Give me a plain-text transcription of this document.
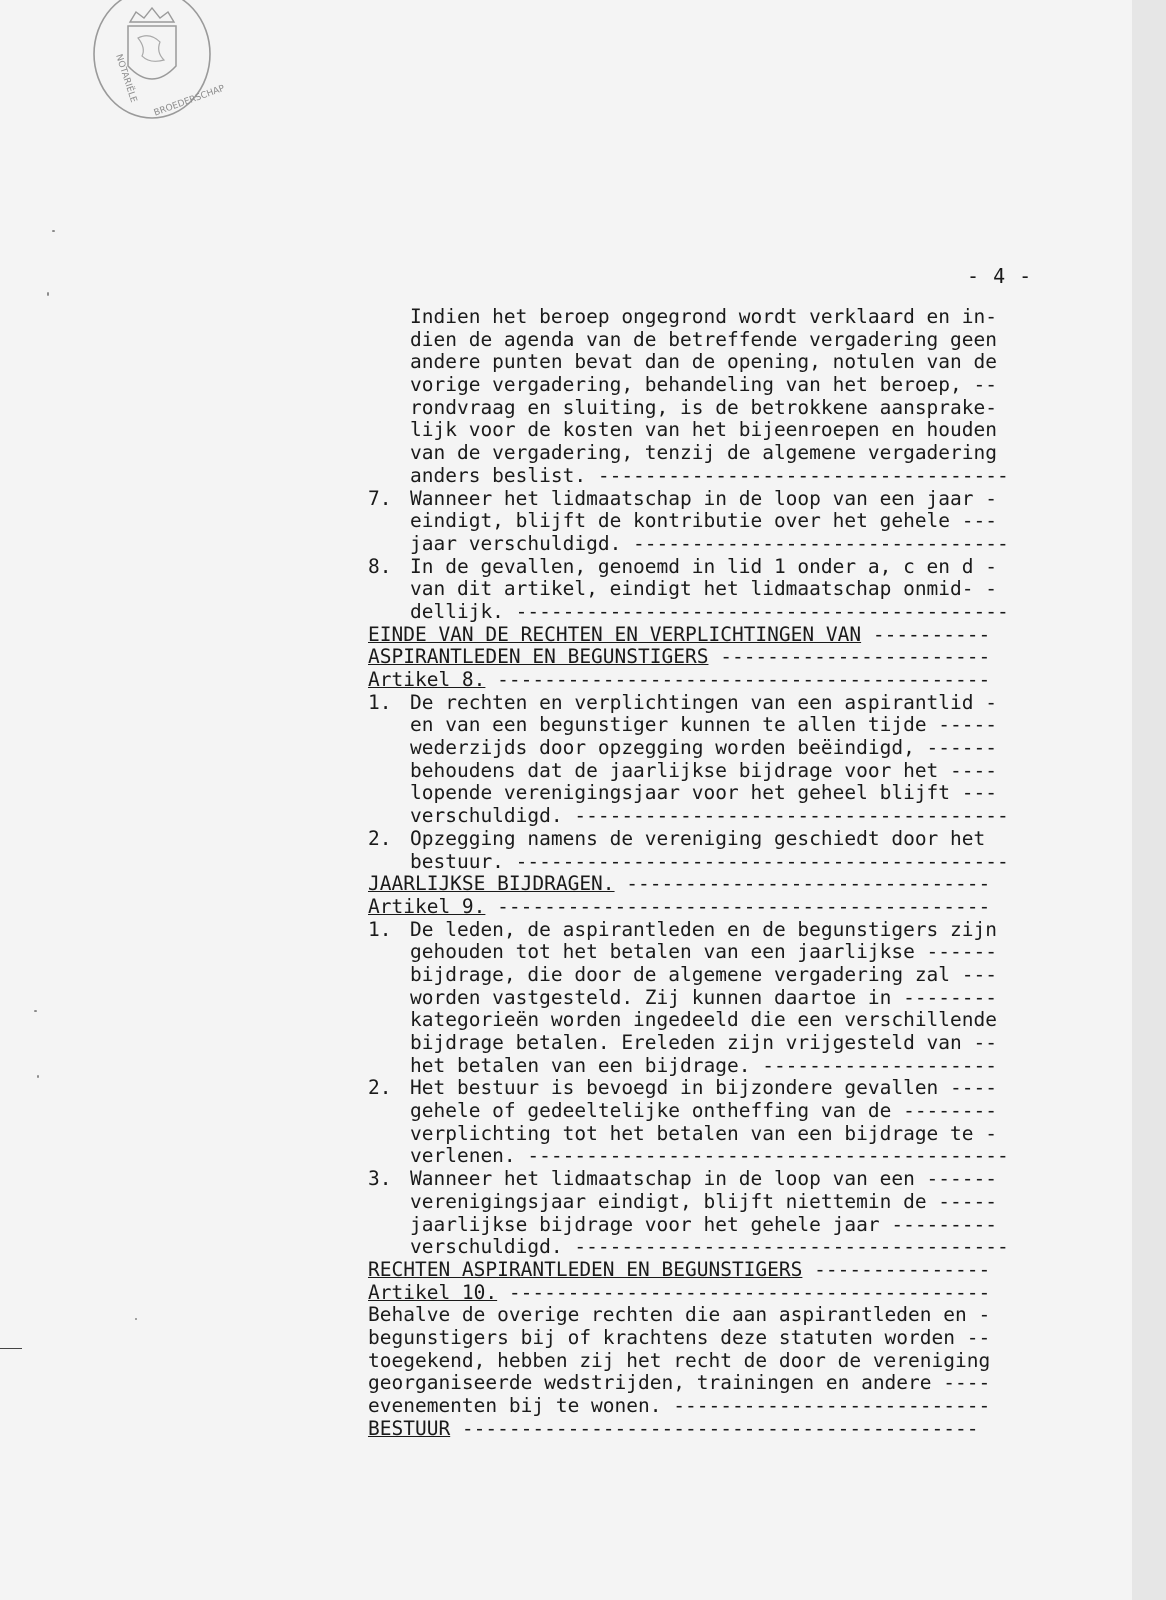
NOTARIËLE BROEDERSCHAP
- 4 -
Indien het beroep ongegrond wordt verklaard en in-
dien de agenda van de betreffende vergadering geen
andere punten bevat dan de opening, notulen van de
vorige vergadering, behandeling van het beroep, --
rondvraag en sluiting, is de betrokkene aansprake-
lijk voor de kosten van het bijeenroepen en houden
van de vergadering, tenzij de algemene vergadering
anders beslist. -----------------------------------
7. Wanneer het lidmaatschap in de loop van een jaar -
eindigt, blijft de kontributie over het gehele ---
jaar verschuldigd. --------------------------------
8. In de gevallen, genoemd in lid 1 onder a, c en d -
van dit artikel, eindigt het lidmaatschap onmid- -
dellijk. ------------------------------------------
EINDE VAN DE RECHTEN EN VERPLICHTINGEN VAN ----------
ASPIRANTLEDEN EN BEGUNSTIGERS -----------------------
Artikel 8. ------------------------------------------
1. De rechten en verplichtingen van een aspirantlid -
en van een begunstiger kunnen te allen tijde -----
wederzijds door opzegging worden beëindigd, ------
behoudens dat de jaarlijkse bijdrage voor het ----
lopende verenigingsjaar voor het geheel blijft ---
verschuldigd. -------------------------------------
2. Opzegging namens de vereniging geschiedt door het
bestuur. ------------------------------------------
JAARLIJKSE BIJDRAGEN. -------------------------------
Artikel 9. ------------------------------------------
1. De leden, de aspirantleden en de begunstigers zijn
gehouden tot het betalen van een jaarlijkse ------
bijdrage, die door de algemene vergadering zal ---
worden vastgesteld. Zij kunnen daartoe in --------
kategorieën worden ingedeeld die een verschillende
bijdrage betalen. Ereleden zijn vrijgesteld van --
het betalen van een bijdrage. --------------------
2. Het bestuur is bevoegd in bijzondere gevallen ----
gehele of gedeeltelijke ontheffing van de --------
verplichting tot het betalen van een bijdrage te -
verlenen. -----------------------------------------
3. Wanneer het lidmaatschap in de loop van een ------
verenigingsjaar eindigt, blijft niettemin de -----
jaarlijkse bijdrage voor het gehele jaar ---------
verschuldigd. -------------------------------------
RECHTEN ASPIRANTLEDEN EN BEGUNSTIGERS ---------------
Artikel 10. -----------------------------------------
Behalve de overige rechten die aan aspirantleden en -
begunstigers bij of krachtens deze statuten worden --
toegekend, hebben zij het recht de door de vereniging
georganiseerde wedstrijden, trainingen en andere ----
evenementen bij te wonen. ---------------------------
BESTUUR --------------------------------------------
